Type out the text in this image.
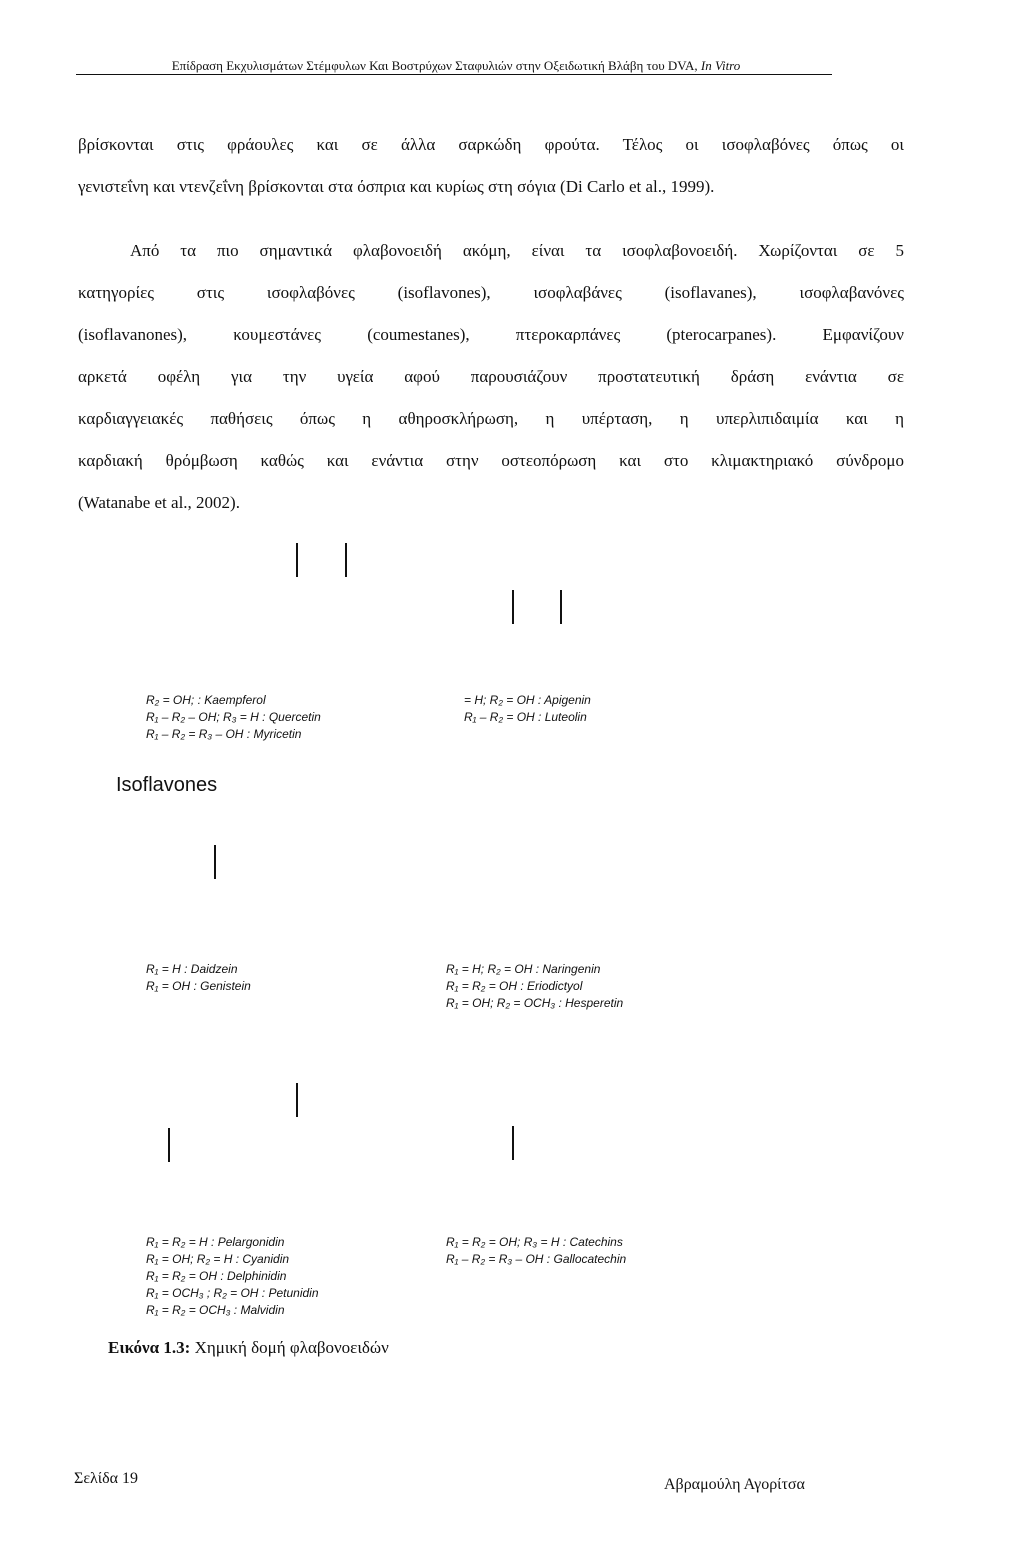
Επίδραση Εκχυλισμάτων Στέμφυλων Και Βοστρύχων Σταφυλιών στην Οξειδωτική Βλάβη του DVA, In Vitro
βρίσκονται στις φράουλες και σε άλλα σαρκώδη φρούτα. Τέλος οι ισοφλαβόνες όπως οι
γενιστεΐνη και ντενζεΐνη βρίσκονται στα όσπρια και κυρίως στη σόγια (Di Carlo et al., 1999).
Από τα πιο σημαντικά φλαβονοειδή ακόμη, είναι τα ισοφλαβονοειδή. Χωρίζονται σε 5
κατηγορίες στις ισοφλαβόνες (isoflavones), ισοφλαβάνες (isoflavanes), ισοφλαβανόνες
(isoflavanones), κουμεστάνες (coumestanes), πτεροκαρπάνες (pterocarpanes). Εμφανίζουν
αρκετά οφέλη για την υγεία αφού παρουσιάζουν προστατευτική δράση ενάντια σε
καρδιαγγειακές παθήσεις όπως η αθηροσκλήρωση, η υπέρταση, η υπερλιπιδαιμία και η
καρδιακή θρόμβωση καθώς και ενάντια στην οστεοπόρωση και στο κλιμακτηριακό σύνδρομο
(Watanabe et al., 2002).
R₂ = OH; : Kaempferol
R₁ – R₂ – OH; R₃ = H : Quercetin
R₁ – R₂ = R₃ – OH : Myricetin
= H; R₂ = OH : Apigenin
R₁ – R₂ = OH : Luteolin
Isoflavones
R₁ = H : Daidzein
R₁ = OH : Genistein
R₁ = H; R₂ = OH : Naringenin
R₁ = R₂ = OH : Eriodictyol
R₁ = OH; R₂ = OCH₃ : Hesperetin
R₁ = R₂ = H : Pelargonidin
R₁ = OH; R₂ = H : Cyanidin
R₁ = R₂ = OH : Delphinidin
R₁ = OCH₃ ; R₂ = OH : Petunidin
R₁ = R₂ = OCH₃ : Malvidin
R₁ = R₂ = OH; R₃ = H : Catechins
R₁ – R₂ = R₃ – OH : Gallocatechin
Εικόνα 1.3: Χημική δομή φλαβονοειδών
Σελίδα 19	Αβραμούλη Αγορίτσα
